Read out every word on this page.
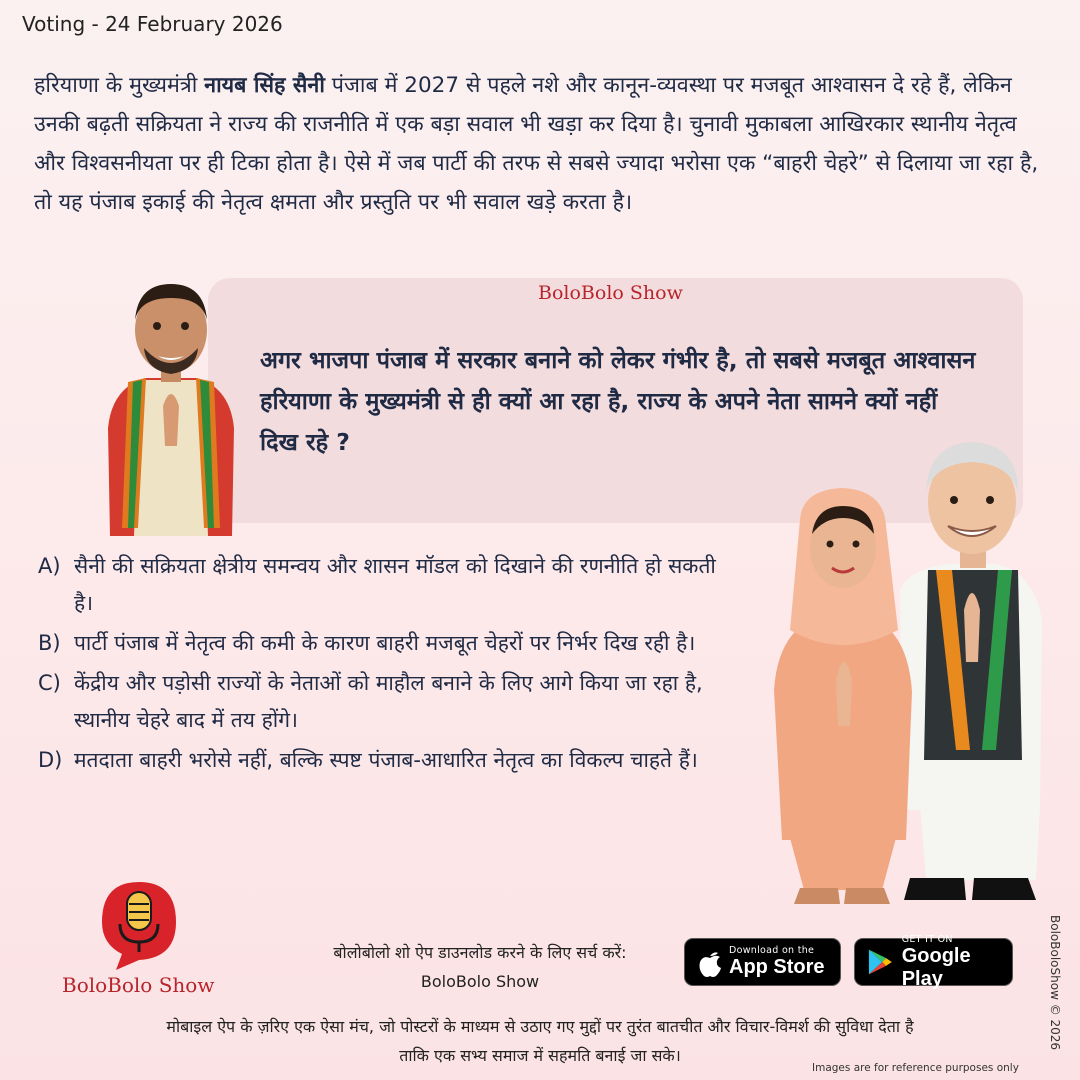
Voting - 24 February 2026
हरियाणा के मुख्यमंत्री नायब सिंह सैनी पंजाब में 2027 से पहले नशे और कानून-व्यवस्था पर मजबूत आश्वासन दे रहे हैं, लेकिन उनकी बढ़ती सक्रियता ने राज्य की राजनीति में एक बड़ा सवाल भी खड़ा कर दिया है। चुनावी मुकाबला आखिरकार स्थानीय नेतृत्व और विश्वसनीयता पर ही टिका होता है। ऐसे में जब पार्टी की तरफ से सबसे ज्यादा भरोसा एक “बाहरी चेहरे” से दिलाया जा रहा है, तो यह पंजाब इकाई की नेतृत्व क्षमता और प्रस्तुति पर भी सवाल खड़े करता है।
BoloBolo Show
अगर भाजपा पंजाब में सरकार बनाने को लेकर गंभीर है, तो सबसे मजबूत आश्वासन हरियाणा के मुख्यमंत्री से ही क्यों आ रहा है, राज्य के अपने नेता सामने क्यों नहीं दिख रहे ?
A) सैनी की सक्रियता क्षेत्रीय समन्वय और शासन मॉडल को दिखाने की रणनीति हो सकती है।
B) पार्टी पंजाब में नेतृत्व की कमी के कारण बाहरी मजबूत चेहरों पर निर्भर दिख रही है।
C) केंद्रीय और पड़ोसी राज्यों के नेताओं को माहौल बनाने के लिए आगे किया जा रहा है, स्थानीय चेहरे बाद में तय होंगे।
D) मतदाता बाहरी भरोसे नहीं, बल्कि स्पष्ट पंजाब-आधारित नेतृत्व का विकल्प चाहते हैं।
BoloBolo Show
बोलोबोलो शो ऐप डाउनलोड करने के लिए सर्च करें:
BoloBolo Show
Download on the
App Store
GET IT ON
Google Play
मोबाइल ऐप के ज़रिए एक ऐसा मंच, जो पोस्टरों के माध्यम से उठाए गए मुद्दों पर तुरंत बातचीत और विचार-विमर्श की सुविधा देता है
ताकि एक सभ्य समाज में सहमति बनाई जा सके।
Images are for reference purposes only
BoloBoloShow © 2026
